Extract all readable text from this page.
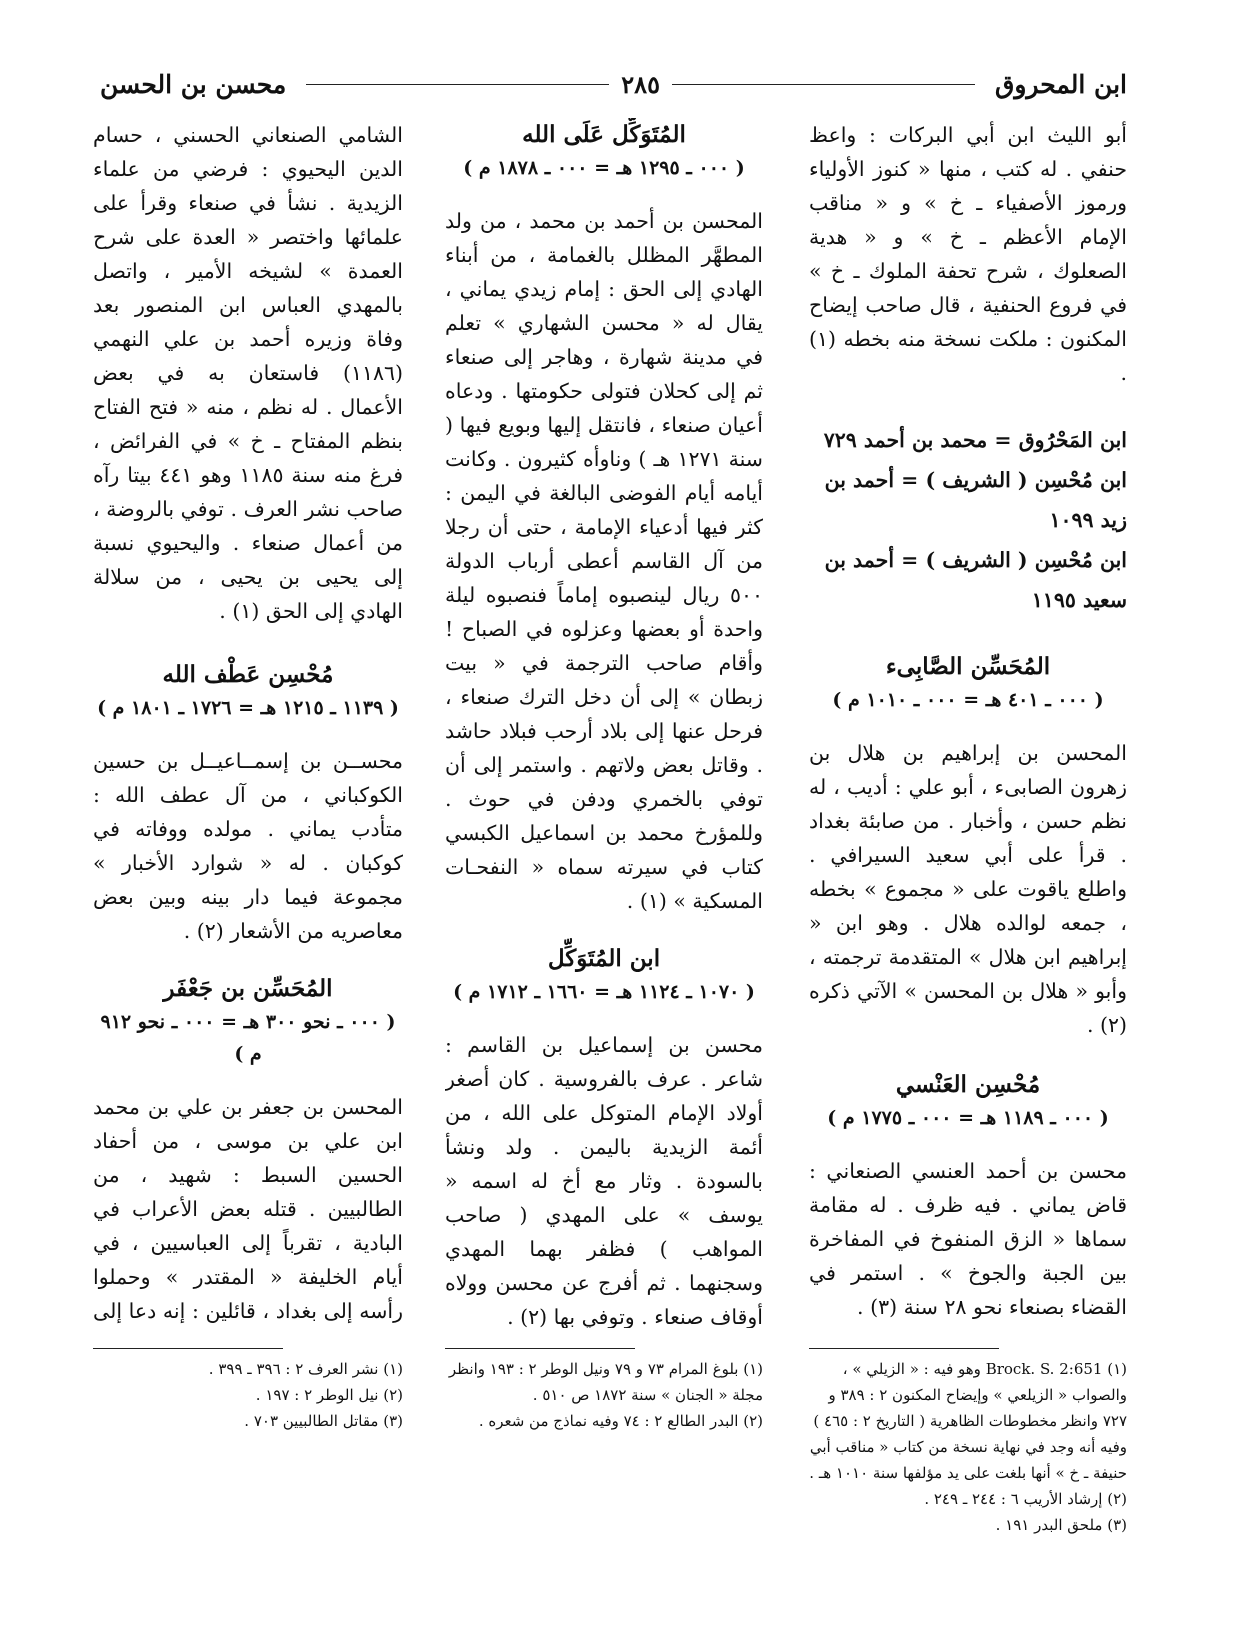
ابن المحروق
٢٨٥
محسن بن الحسن

أبو الليث ابن أبي البركات : واعظ حنفي . له كتب ، منها « كنوز الأولياء ورموز الأصفياء ـ خ » و « مناقب الإمام الأعظم ـ خ » و « هدية الصعلوك ، شرح تحفة الملوك ـ خ » في فروع الحنفية ، قال صاحب إيضاح المكنون : ملكت نسخة منه بخطه (١) .

ابن المَحْرُوق = محمد بن أحمد ٧٢٩
ابن مُحْسِن ( الشريف ) = أحمد بن زيد ١٠٩٩
ابن مُحْسِن ( الشريف ) = أحمد بن سعيد ١١٩٥
المُحَسِّن الصَّابِىء
( ٠٠٠ ـ ٤٠١ هـ = ٠٠٠ ـ ١٠١٠ م )

المحسن بن إبراهيم بن هلال بن زهرون الصابىء ، أبو علي : أديب ، له نظم حسن ، وأخبار . من صابئة بغداد . قرأ على أبي سعيد السيرافي . واطلع ياقوت على « مجموع » بخطه ، جمعه لوالده هلال . وهو ابن « إبراهيم ابن هلال » المتقدمة ترجمته ، وأبو « هلال بن المحسن » الآتي ذكره (٢) .

مُحْسِن العَنْسي
( ٠٠٠ ـ ١١٨٩ هـ = ٠٠٠ ـ ١٧٧٥ م )

محسن بن أحمد العنسي الصنعاني : قاض يماني . فيه ظرف . له مقامة سماها « الزق المنفوخ في المفاخرة بين الجبة والجوخ » . استمر في القضاء بصنعاء نحو ٢٨ سنة (٣) .

المُتَوَكِّل عَلَى الله
( ٠٠٠ ـ ١٢٩٥ هـ = ٠٠٠ ـ ١٨٧٨ م )

المحسن بن أحمد بن محمد ، من ولد المطهَّر المظلل بالغمامة ، من أبناء الهادي إلى الحق : إمام زيدي يماني ، يقال له « محسن الشهاري » تعلم في مدينة شهارة ، وهاجر إلى صنعاء ثم إلى كحلان فتولى حكومتها . ودعاه أعيان صنعاء ، فانتقل إليها وبويع فيها ( سنة ١٢٧١ هـ ) وناوأه كثيرون . وكانت أيامه أيام الفوضى البالغة في اليمن : كثر فيها أدعياء الإمامة ، حتى أن رجلا من آل القاسم أعطى أرباب الدولة ٥٠٠ ريال لينصبوه إماماً فنصبوه ليلة واحدة أو بعضها وعزلوه في الصباح ! وأقام صاحب الترجمة في « بيت زبطان » إلى أن دخل الترك صنعاء ، فرحل عنها إلى بلاد أرحب فبلاد حاشد . وقاتل بعض ولاتهم . واستمر إلى أن توفي بالخمري ودفن في حوث . وللمؤرخ محمد بن اسماعيل الكبسي كتاب في سيرته سماه « النفحـات المسكية » (١) .

ابن المُتَوَكِّل
( ١٠٧٠ ـ ١١٢٤ هـ = ١٦٦٠ ـ ١٧١٢ م )

محسن بن إسماعيل بن القاسم : شاعر . عرف بالفروسية . كان أصغر أولاد الإمام المتوكل على الله ، من أئمة الزيدية باليمن . ولد ونشأ بالسودة . وثار مع أخ له اسمه « يوسف » على المهدي ( صاحب المواهب ) فظفر بهما المهدي وسجنهما . ثم أفرج عن محسن وولاه أوقاف صنعاء . وتوفي بها (٢) .

الشامي الصنعاني الحسني ، حسام الدين اليحيوي : فرضي من علماء الزيدية . نشأ في صنعاء وقرأ على علمائها واختصر « العدة على شرح العمدة » لشيخه الأمير ، واتصل بالمهدي العباس ابن المنصور بعد وفاة وزيره أحمد بن علي النهمي (١١٨٦) فاستعان به في بعض الأعمال . له نظم ، منه « فتح الفتاح بنظم المفتاح ـ خ » في الفرائض ، فرغ منه سنة ١١٨٥ وهو ٤٤١ بيتا رآه صاحب نشر العرف . توفي بالروضة ، من أعمال صنعاء . واليحيوي نسبة إلى يحيى بن يحيى ، من سلالة الهادي إلى الحق (١) .

مُحْسِن عَطْف الله
( ١١٣٩ ـ ١٢١٥ هـ = ١٧٢٦ ـ ١٨٠١ م )

محســن بن إسمــاعيــل بن حسين الكوكباني ، من آل عطف الله : متأدب يماني . مولده ووفاته في كوكبان . له « شوارد الأخبار » مجموعة فيما دار بينه وبين بعض معاصريه من الأشعار (٢) .

المُحَسِّن بن جَعْفَر
( ٠٠٠ ـ نحو ٣٠٠ هـ = ٠٠٠ ـ نحو ٩١٢ م )

المحسن بن جعفر بن علي بن محمد ابن علي بن موسى ، من أحفاد الحسين السبط : شهيد ، من الطالبيين . قتله بعض الأعراب في البادية ، تقرباً إلى العباسيين ، في أيام الخليفة « المقتدر » وحملوا رأسه إلى بغداد ، قائلين : إنه دعا إلى

(١) Brock. S. 2:651 وهو فيه : « الزيلي » ، والصواب « الزيلعي » وإيضاح المكنون ٢ : ٣٨٩ و ٧٢٧ وانظر مخطوطات الظاهرية ( التاريخ ٢ : ٤٦٥ ) وفيه أنه وجد في نهاية نسخة من كتاب « مناقب أبي حنيفة ـ خ » أنها بلغت على يد مؤلفها سنة ١٠١٠ هـ .
(٢) إرشاد الأريب ٦ : ٢٤٤ ـ ٢٤٩ .
(٣) ملحق البدر ١٩١ .
(١) بلوغ المرام ٧٣ و ٧٩ ونيل الوطر ٢ : ١٩٣ وانظر مجلة « الجنان » سنة ١٨٧٢ ص ٥١٠ .
(٢) البدر الطالع ٢ : ٧٤ وفيه نماذج من شعره .
(١) نشر العرف ٢ : ٣٩٦ ـ ٣٩٩ .
(٢) نيل الوطر ٢ : ١٩٧ .
(٣) مقاتل الطالبيين ٧٠٣ .
